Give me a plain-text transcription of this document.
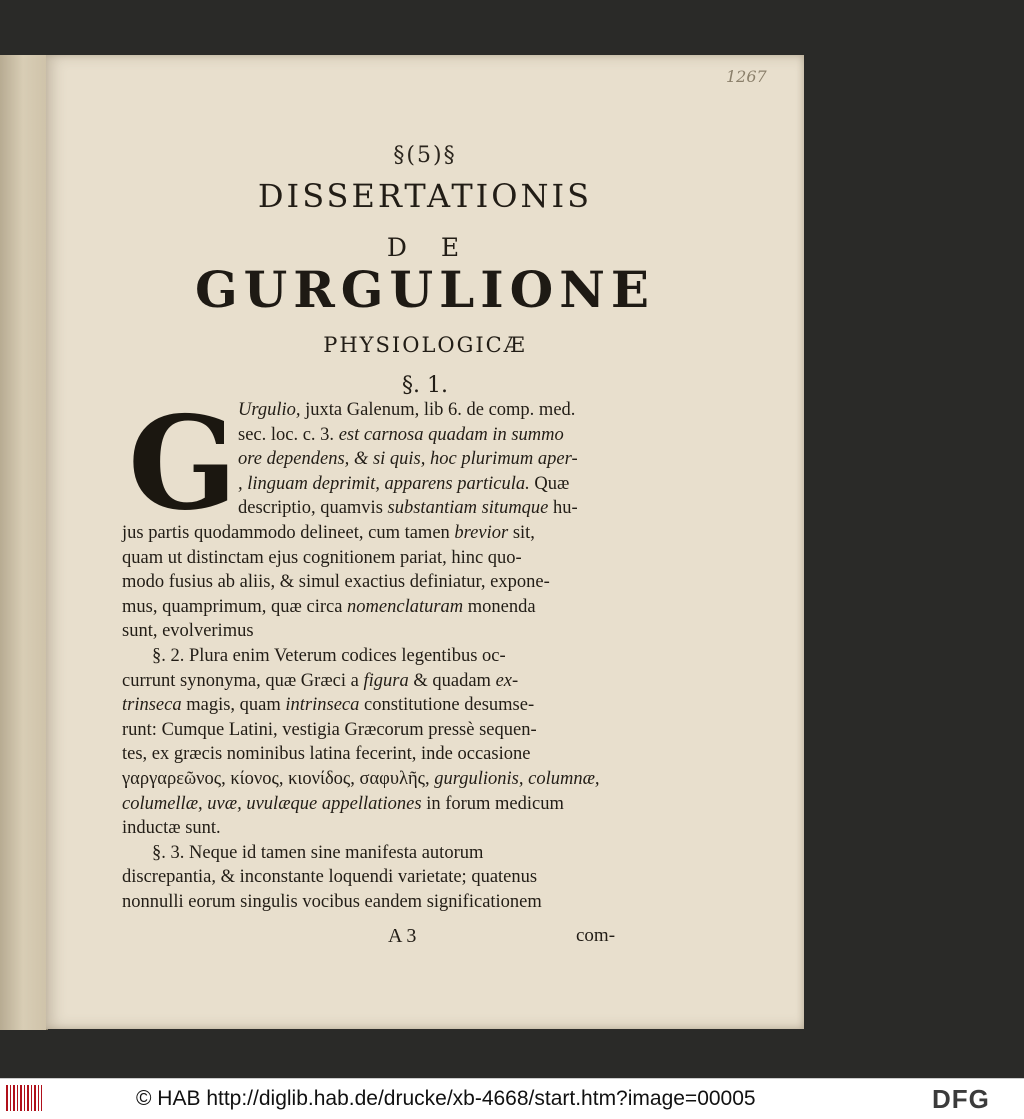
1267
§(5)§
DISSERTATIONIS
DE
GURGULIONE
PHYSIOLOGICÆ
§. 1.
G Urgulio, juxta Galenum, lib 6. de comp. med.
sec. loc. c. 3. est carnosa quadam in summo
ore dependens, & si quis, hoc plurimum aper-
, linguam deprimit, apparens particula. Quæ
descriptio, quamvis substantiam situmque hu-
jus partis quodammodo delineet, cum tamen brevior sit,
quam ut distinctam ejus cognitionem pariat, hinc quo-
modo fusius ab aliis, & simul exactius definiatur, expone-
mus, quamprimum, quæ circa nomenclaturam monenda
sunt, evolverimus
§. 2. Plura enim Veterum codices legentibus oc-
currunt synonyma, quæ Græci a figura & quadam ex-
trinseca magis, quam intrinseca constitutione desumse-
runt: Cumque Latini, vestigia Græcorum pressè sequen-
tes, ex græcis nominibus latina fecerint, inde occasione
γαργαρεῶνος, κίονος, κιονίδος, σαφυλῆς, gurgulionis, columnæ,
columellæ, uvæ, uvulæque appellationes in forum medicum
inductæ sunt.
§. 3. Neque id tamen sine manifesta autorum
discrepantia, & inconstante loquendi varietate; quatenus
nonnulli eorum singulis vocibus eandem significationem
A 3	com-
© HAB http://diglib.hab.de/drucke/xb-4668/start.htm?image=00005	DFG
